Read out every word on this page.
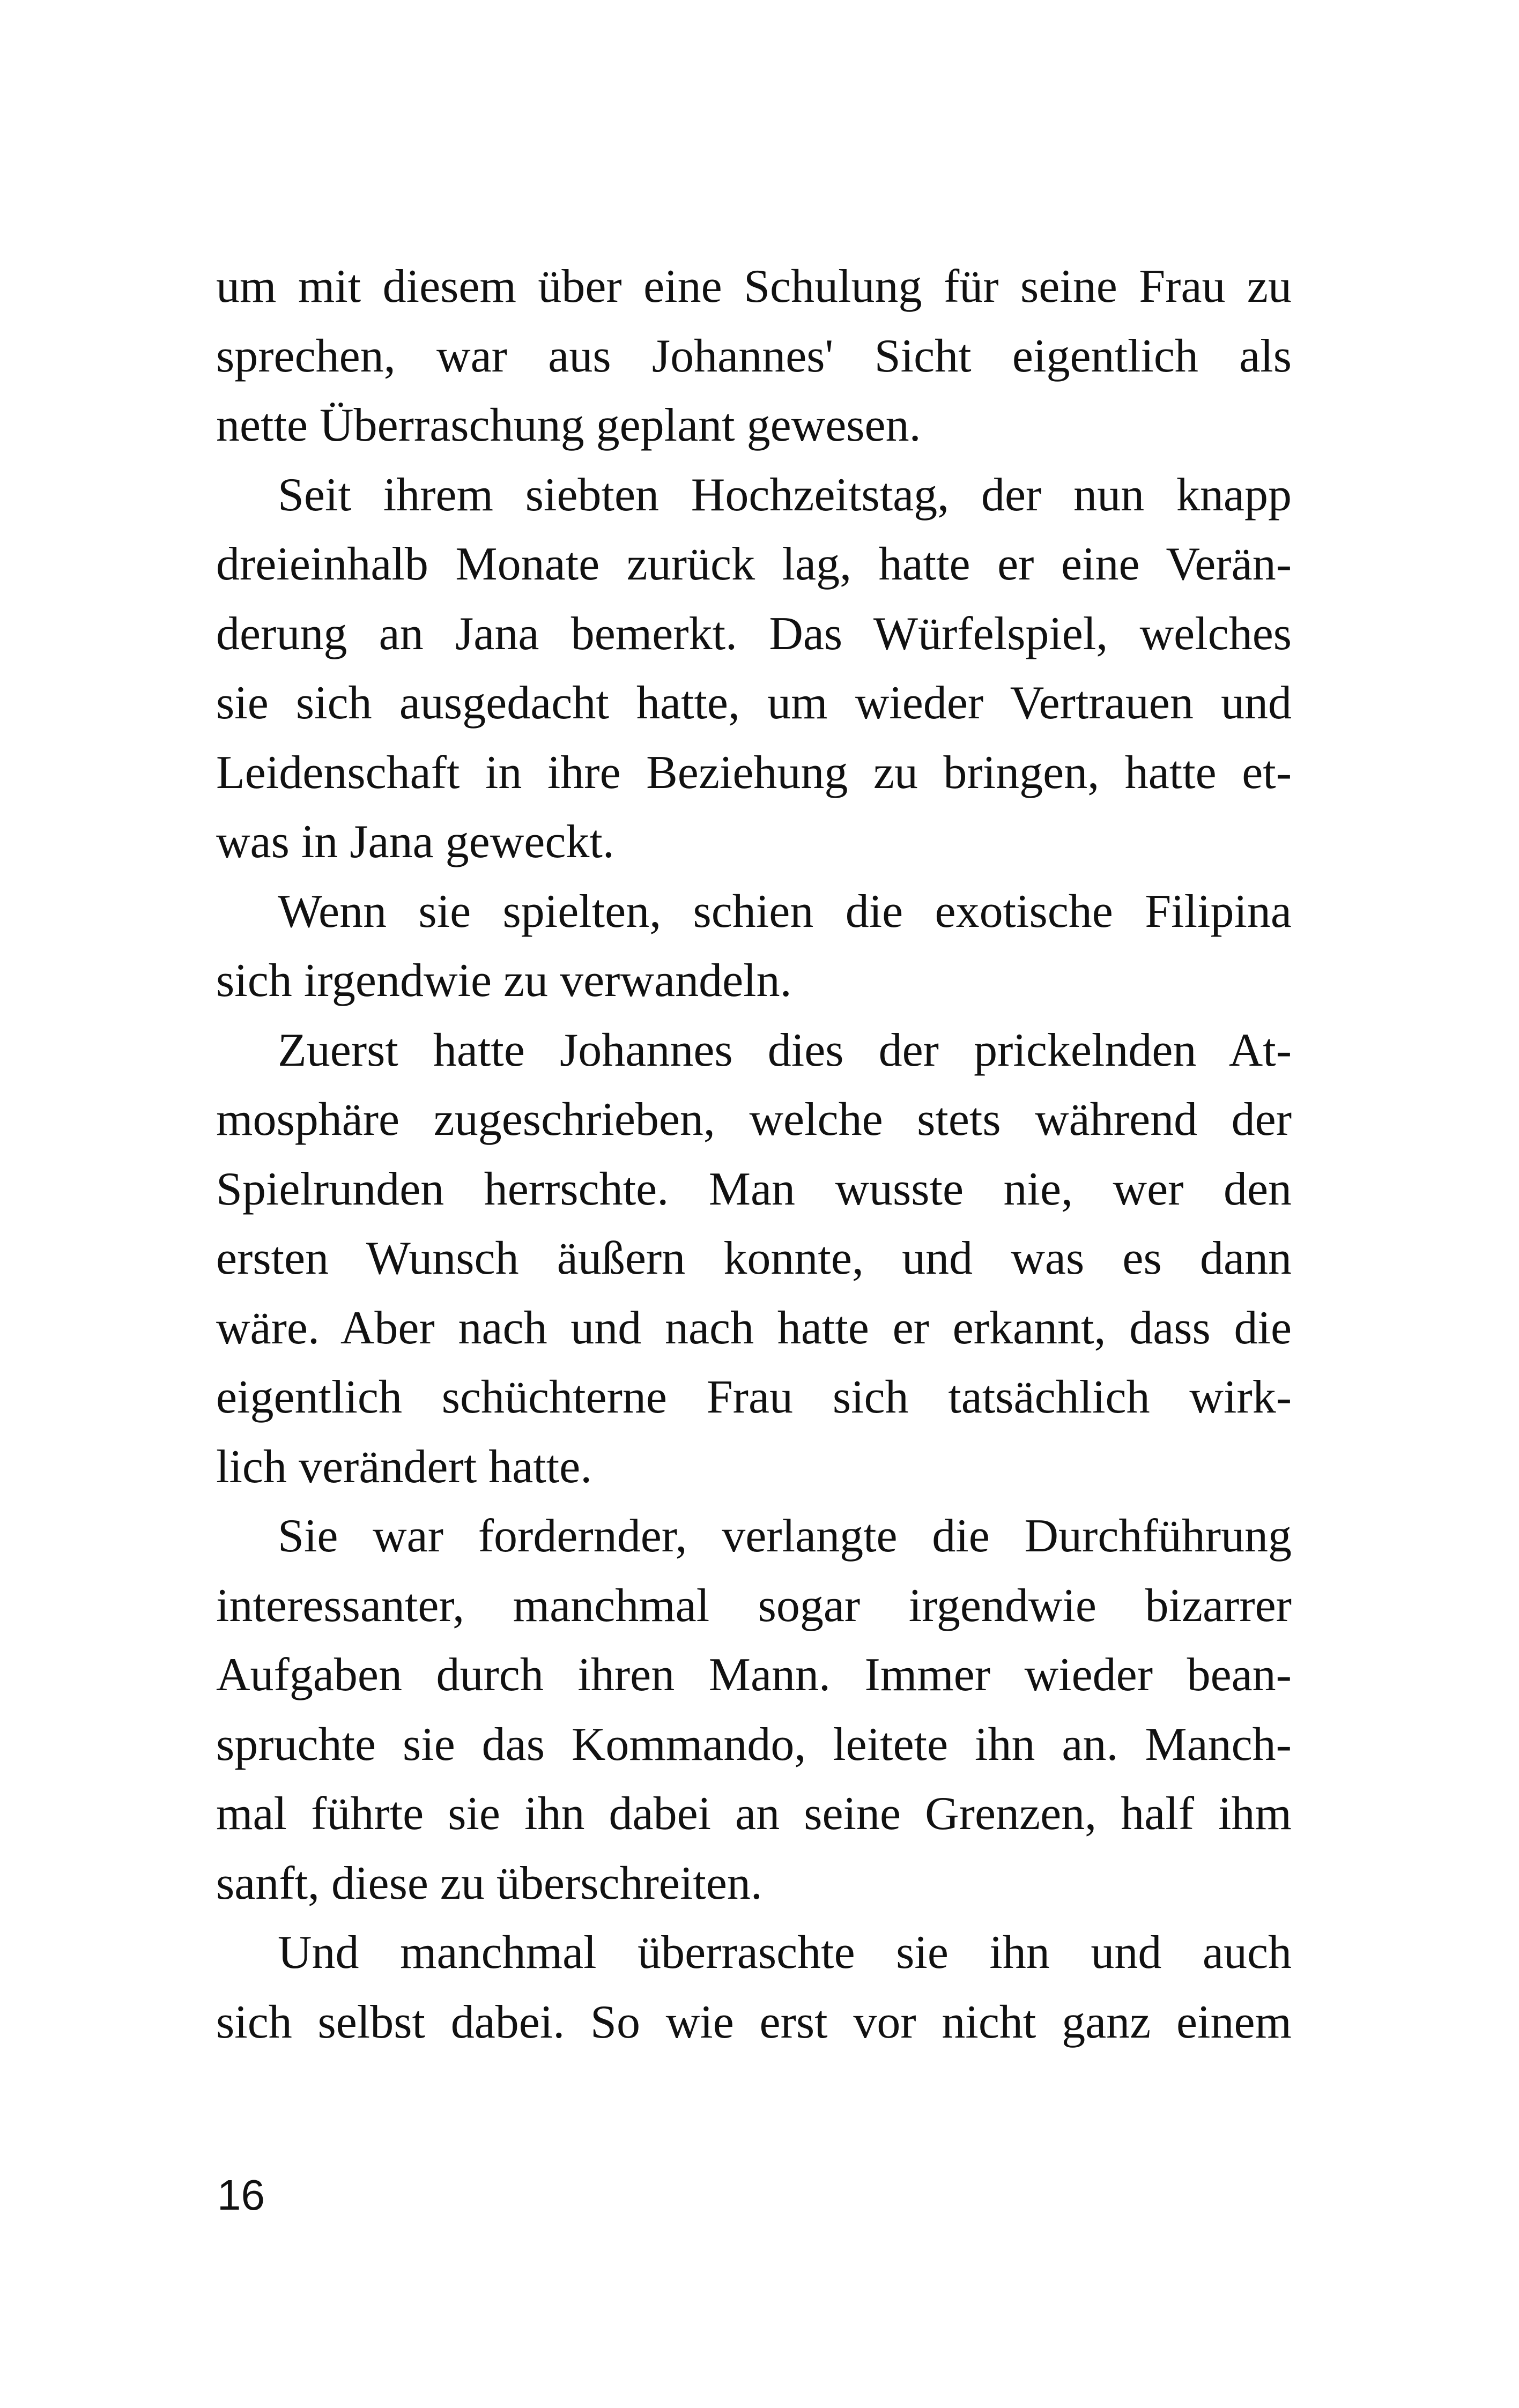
um mit diesem über eine Schulung für seine Frau zu
sprechen, war aus Johannes' Sicht eigentlich als
nette Überraschung geplant gewesen.
Seit ihrem siebten Hochzeitstag, der nun knapp
dreieinhalb Monate zurück lag, hatte er eine Verän-
derung an Jana bemerkt. Das Würfelspiel, welches
sie sich ausgedacht hatte, um wieder Vertrauen und
Leidenschaft in ihre Beziehung zu bringen, hatte et-
was in Jana geweckt.
Wenn sie spielten, schien die exotische Filipina
sich irgendwie zu verwandeln.
Zuerst hatte Johannes dies der prickelnden At-
mosphäre zugeschrieben, welche stets während der
Spielrunden herrschte. Man wusste nie, wer den
ersten Wunsch äußern konnte, und was es dann
wäre. Aber nach und nach hatte er erkannt, dass die
eigentlich schüchterne Frau sich tatsächlich wirk-
lich verändert hatte.
Sie war fordernder, verlangte die Durchführung
interessanter, manchmal sogar irgendwie bizarrer
Aufgaben durch ihren Mann. Immer wieder bean-
spruchte sie das Kommando, leitete ihn an. Manch-
mal führte sie ihn dabei an seine Grenzen, half ihm
sanft, diese zu überschreiten.
Und manchmal überraschte sie ihn und auch
sich selbst dabei. So wie erst vor nicht ganz einem
16
